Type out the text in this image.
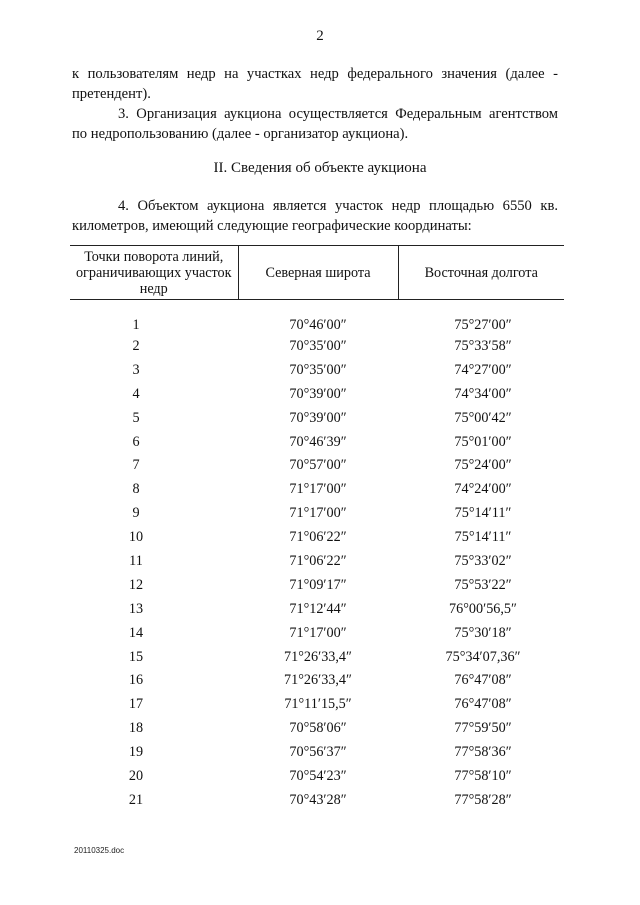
2
к пользователям недр на участках недр федерального значения (далее - претендент).
3. Организация аукциона осуществляется Федеральным агентством по недропользованию (далее - организатор аукциона).
II. Сведения об объекте аукциона
4. Объектом аукциона является участок недр площадью 6550 кв. километров, имеющий следующие географические координаты:
Точки поворота линий, ограничивающих участок недр	Северная широта	Восточная долгота
1	70°46′00″	75°27′00″
2	70°35′00″	75°33′58″
3	70°35′00″	74°27′00″
4	70°39′00″	74°34′00″
5	70°39′00″	75°00′42″
6	70°46′39″	75°01′00″
7	70°57′00″	75°24′00″
8	71°17′00″	74°24′00″
9	71°17′00″	75°14′11″
10	71°06′22″	75°14′11″
11	71°06′22″	75°33′02″
12	71°09′17″	75°53′22″
13	71°12′44″	76°00′56,5″
14	71°17′00″	75°30′18″
15	71°26′33,4″	75°34′07,36″
16	71°26′33,4″	76°47′08″
17	71°11′15,5″	76°47′08″
18	70°58′06″	77°59′50″
19	70°56′37″	77°58′36″
20	70°54′23″	77°58′10″
21	70°43′28″	77°58′28″
20110325.doc
